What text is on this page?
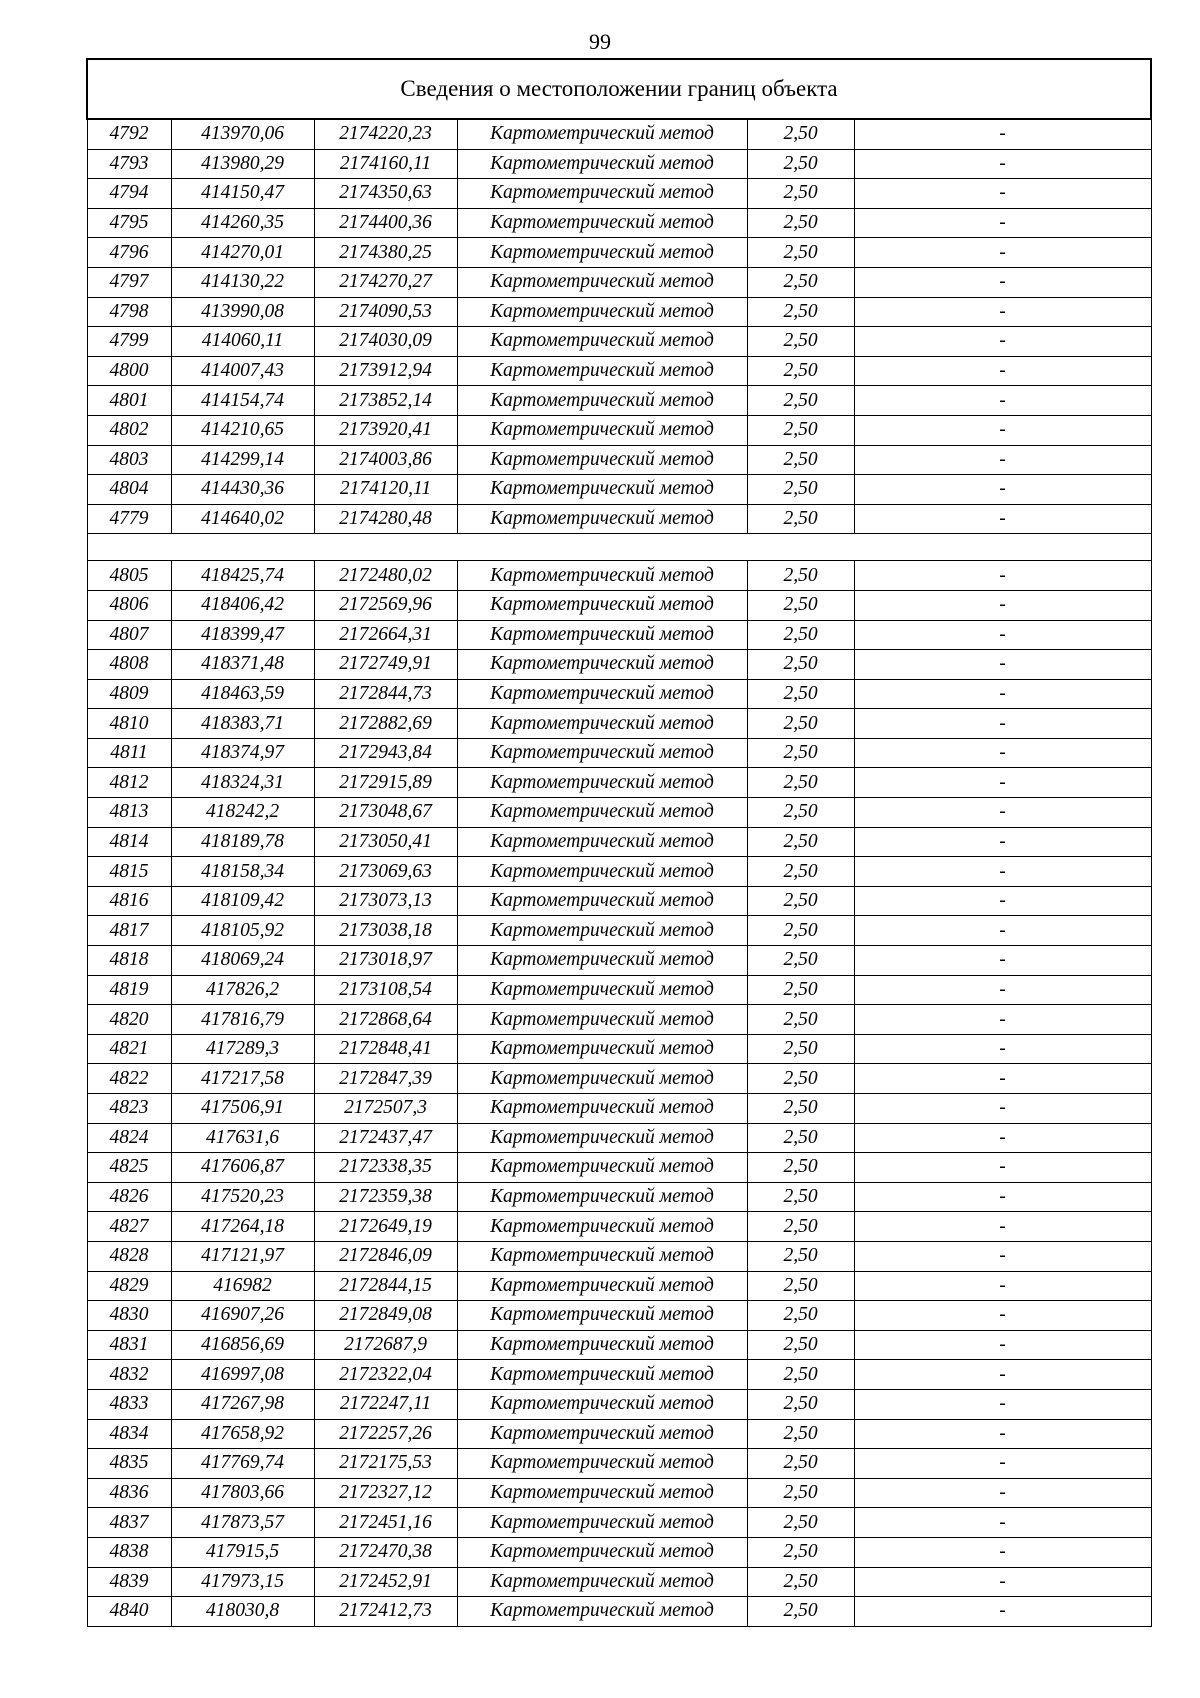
99
Сведения о местоположении границ объекта					
4792	413970,06	2174220,23	Картометрический метод	2,50	-
4793	413980,29	2174160,11	Картометрический метод	2,50	-
4794	414150,47	2174350,63	Картометрический метод	2,50	-
4795	414260,35	2174400,36	Картометрический метод	2,50	-
4796	414270,01	2174380,25	Картометрический метод	2,50	-
4797	414130,22	2174270,27	Картометрический метод	2,50	-
4798	413990,08	2174090,53	Картометрический метод	2,50	-
4799	414060,11	2174030,09	Картометрический метод	2,50	-
4800	414007,43	2173912,94	Картометрический метод	2,50	-
4801	414154,74	2173852,14	Картометрический метод	2,50	-
4802	414210,65	2173920,41	Картометрический метод	2,50	-
4803	414299,14	2174003,86	Картометрический метод	2,50	-
4804	414430,36	2174120,11	Картометрический метод	2,50	-
4779	414640,02	2174280,48	Картометрический метод	2,50	-

4805	418425,74	2172480,02	Картометрический метод	2,50	-
4806	418406,42	2172569,96	Картометрический метод	2,50	-
4807	418399,47	2172664,31	Картометрический метод	2,50	-
4808	418371,48	2172749,91	Картометрический метод	2,50	-
4809	418463,59	2172844,73	Картометрический метод	2,50	-
4810	418383,71	2172882,69	Картометрический метод	2,50	-
4811	418374,97	2172943,84	Картометрический метод	2,50	-
4812	418324,31	2172915,89	Картометрический метод	2,50	-
4813	418242,2	2173048,67	Картометрический метод	2,50	-
4814	418189,78	2173050,41	Картометрический метод	2,50	-
4815	418158,34	2173069,63	Картометрический метод	2,50	-
4816	418109,42	2173073,13	Картометрический метод	2,50	-
4817	418105,92	2173038,18	Картометрический метод	2,50	-
4818	418069,24	2173018,97	Картометрический метод	2,50	-
4819	417826,2	2173108,54	Картометрический метод	2,50	-
4820	417816,79	2172868,64	Картометрический метод	2,50	-
4821	417289,3	2172848,41	Картометрический метод	2,50	-
4822	417217,58	2172847,39	Картометрический метод	2,50	-
4823	417506,91	2172507,3	Картометрический метод	2,50	-
4824	417631,6	2172437,47	Картометрический метод	2,50	-
4825	417606,87	2172338,35	Картометрический метод	2,50	-
4826	417520,23	2172359,38	Картометрический метод	2,50	-
4827	417264,18	2172649,19	Картометрический метод	2,50	-
4828	417121,97	2172846,09	Картометрический метод	2,50	-
4829	416982	2172844,15	Картометрический метод	2,50	-
4830	416907,26	2172849,08	Картометрический метод	2,50	-
4831	416856,69	2172687,9	Картометрический метод	2,50	-
4832	416997,08	2172322,04	Картометрический метод	2,50	-
4833	417267,98	2172247,11	Картометрический метод	2,50	-
4834	417658,92	2172257,26	Картометрический метод	2,50	-
4835	417769,74	2172175,53	Картометрический метод	2,50	-
4836	417803,66	2172327,12	Картометрический метод	2,50	-
4837	417873,57	2172451,16	Картометрический метод	2,50	-
4838	417915,5	2172470,38	Картометрический метод	2,50	-
4839	417973,15	2172452,91	Картометрический метод	2,50	-
4840	418030,8	2172412,73	Картометрический метод	2,50	-
